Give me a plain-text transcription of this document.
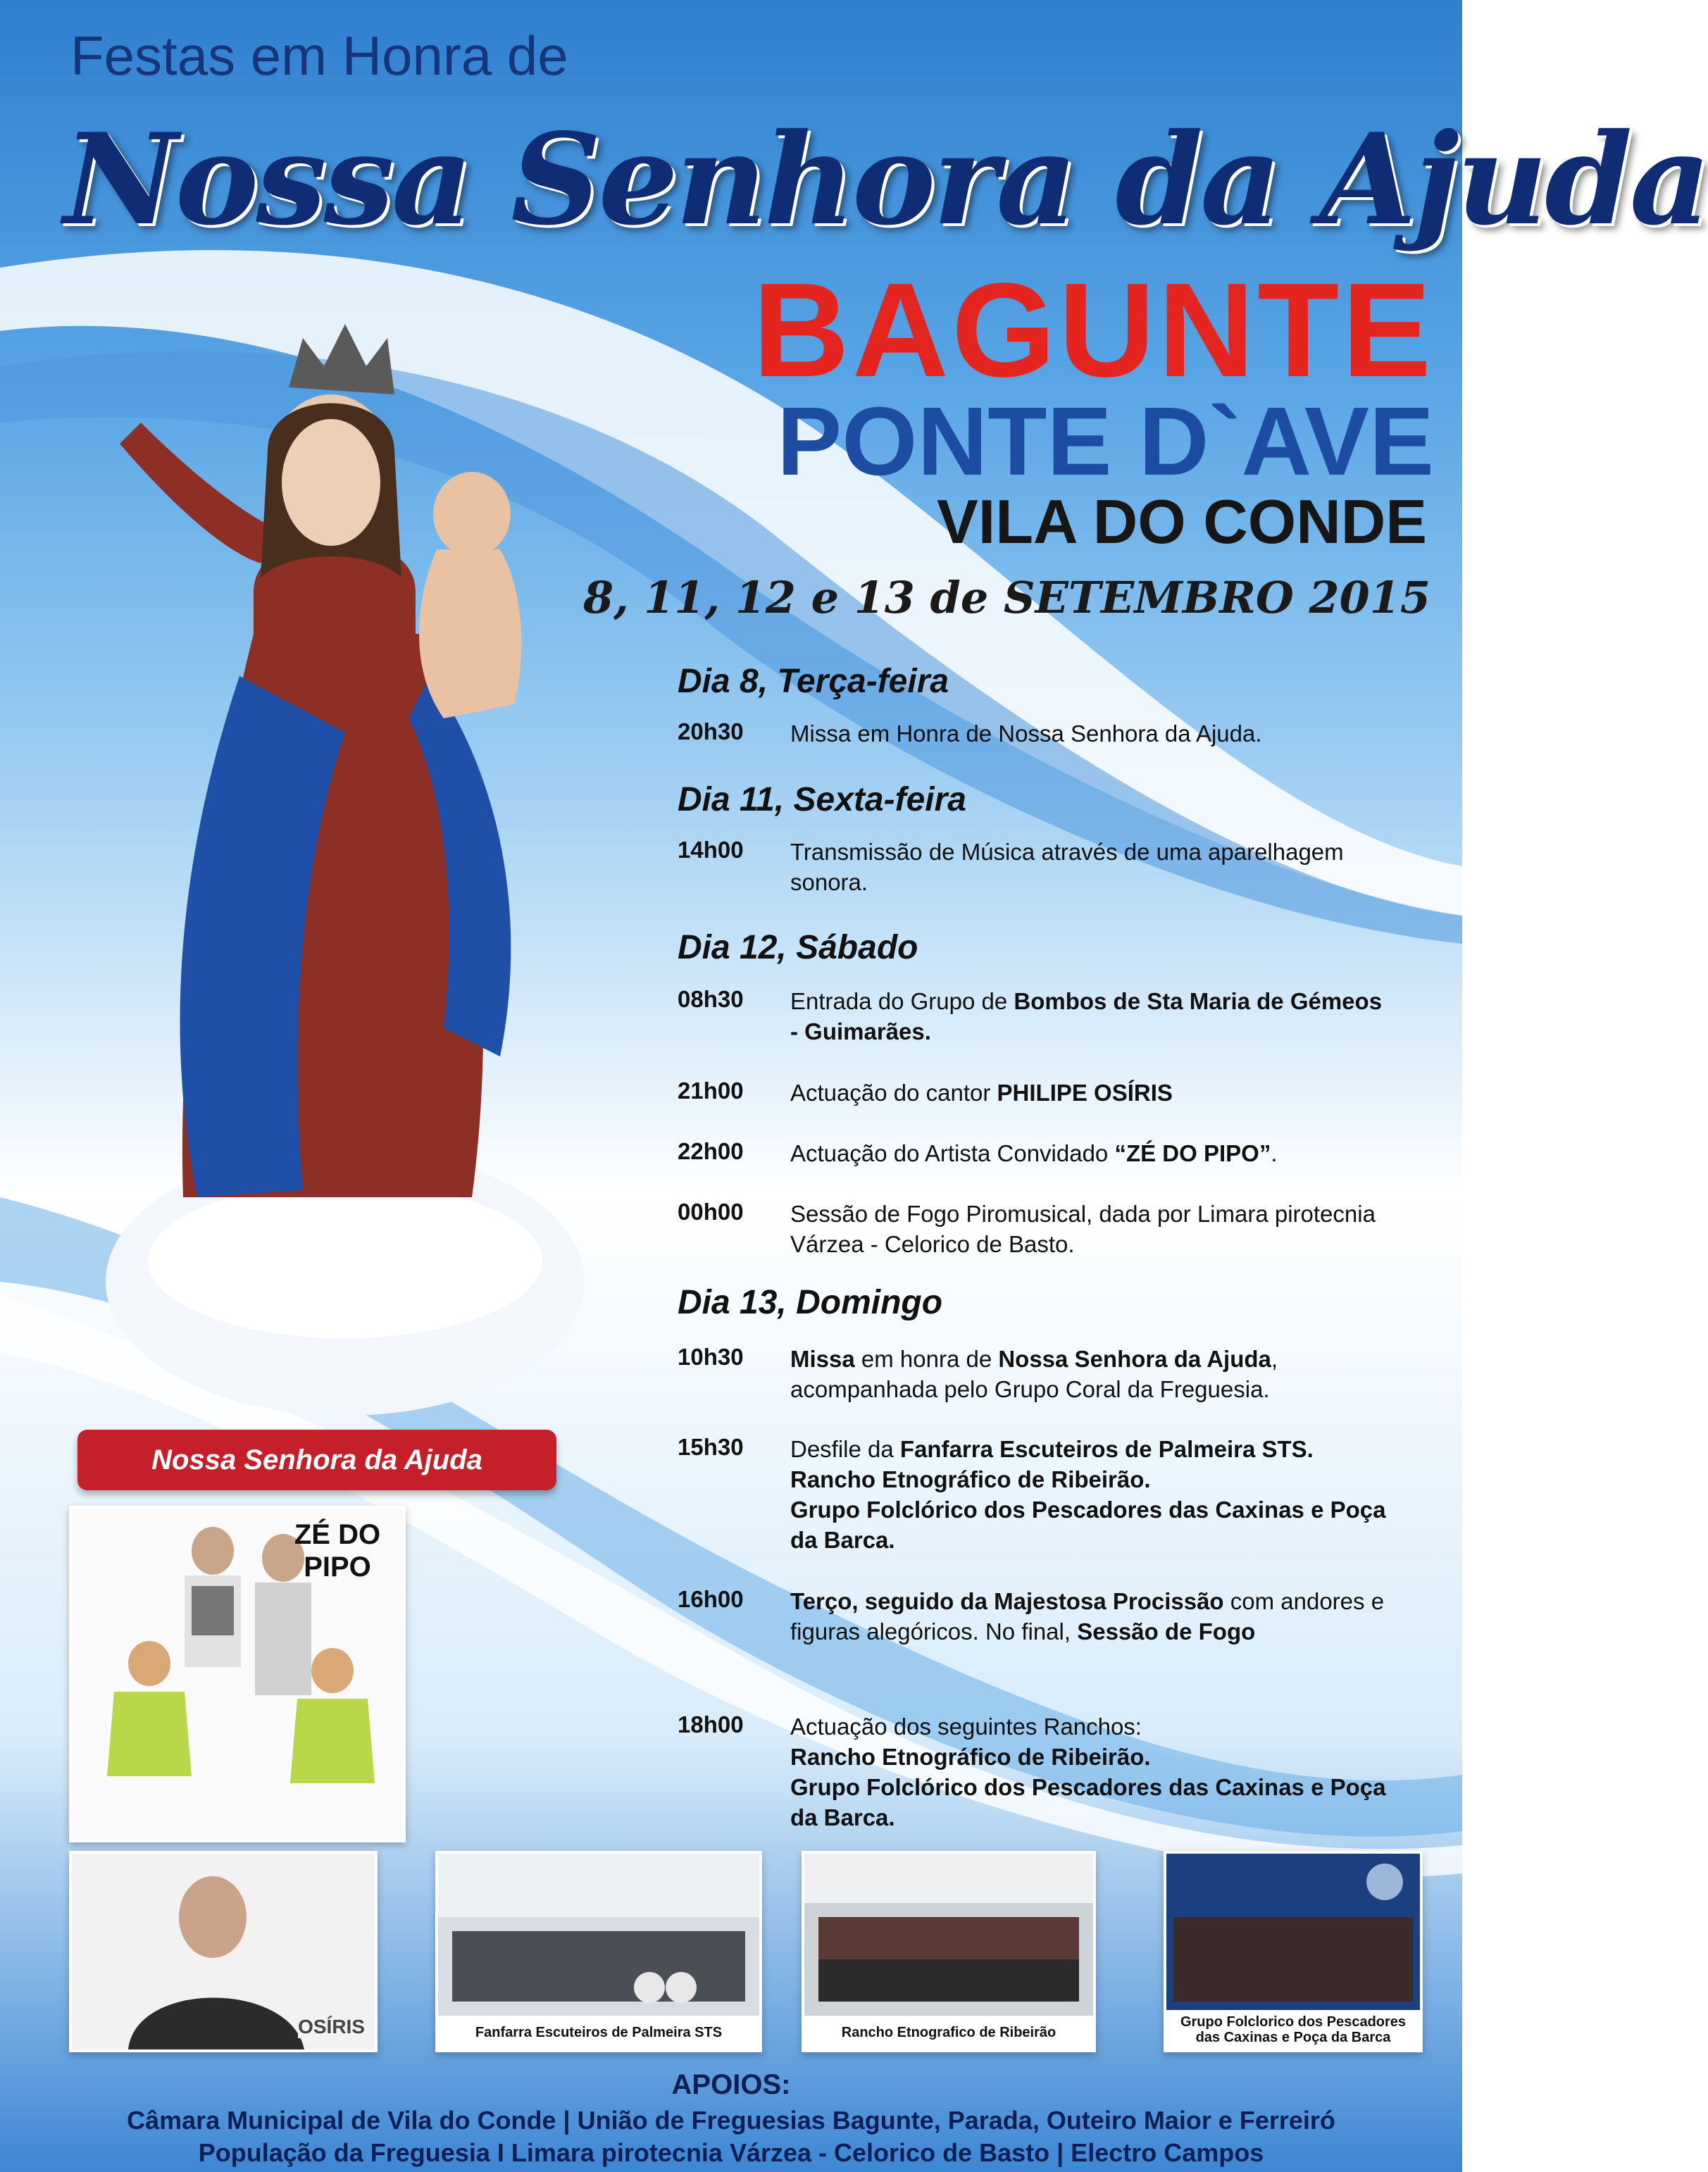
Festas em Honra de
Nossa Senhora da Ajuda
BAGUNTE
PONTE D`AVE
VILA DO CONDE
8, 11, 12 e 13 de SETEMBRO 2015
Nossa Senhora da Ajuda
Dia 8, Terça-feira
20h30	Missa em Honra de Nossa Senhora da Ajuda.
Dia 11, Sexta-feira
14h00	Transmissão de Música através de uma aparelhagem sonora.
Dia 12, Sábado
08h30	Entrada do Grupo de Bombos de Sta Maria de Gémeos - Guimarães.
21h00	Actuação do cantor PHILIPE OSÍRIS
22h00	Actuação do Artista Convidado “ZÉ DO PIPO”.
00h00	Sessão de Fogo Piromusical, dada por Limara pirotecnia Várzea - Celorico de Basto.
Dia 13, Domingo
10h30	Missa em honra de Nossa Senhora da Ajuda, acompanhada pelo Grupo Coral da Freguesia.
15h30	Desfile da Fanfarra Escuteiros de Palmeira STS.
Rancho Etnográfico de Ribeirão.
Grupo Folclórico dos Pescadores das Caxinas e Poça da Barca.
16h00	Terço, seguido da Majestosa Procissão com andores e figuras alegóricos. No final, Sessão de Fogo
18h00	Actuação dos seguintes Ranchos:
Rancho Etnográfico de Ribeirão.
Grupo Folclórico dos Pescadores das Caxinas e Poça da Barca.
ZÉ DO
PIPO
OSÍRIS	Fanfarra Escuteiros de Palmeira STS	Rancho Etnografico de Ribeirão
Grupo Folclorico dos Pescadores das Caxinas e Poça da Barca
APOIOS:
Câmara Municipal de Vila do Conde | União de Freguesias Bagunte, Parada, Outeiro Maior e Ferreiró
População da Freguesia I Limara pirotecnia Várzea - Celorico de Basto | Electro Campos
